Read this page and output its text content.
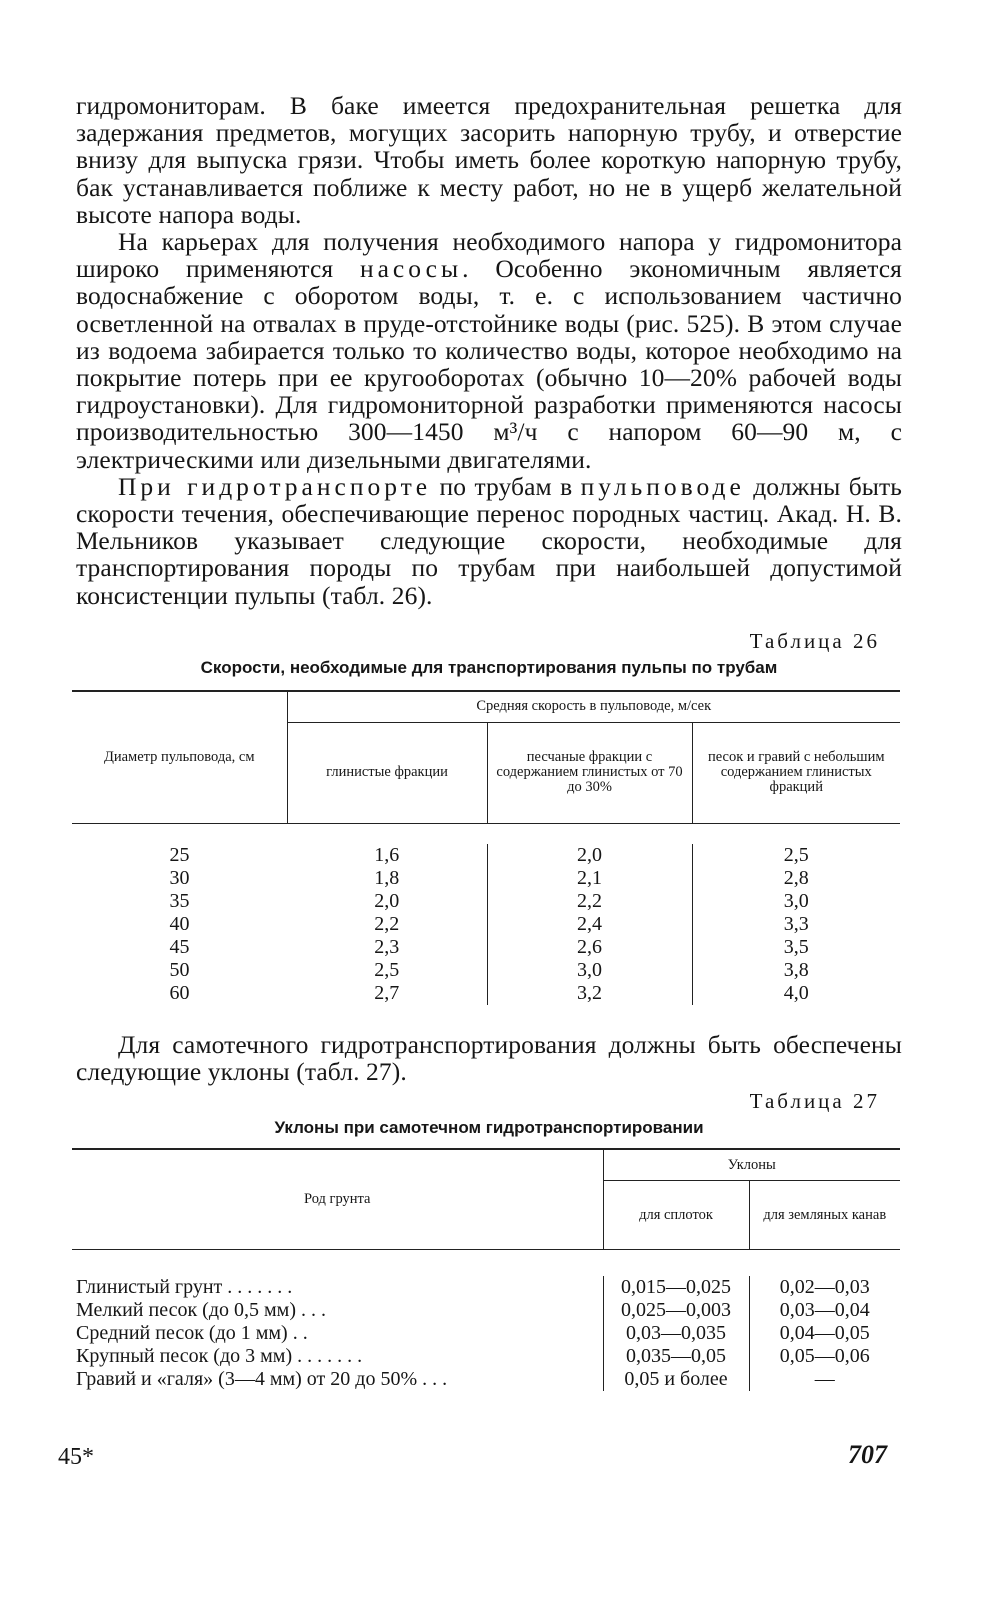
гидромониторам. В баке имеется предохранительная решетка для задержания предметов, могущих засорить напорную трубу, и отверстие внизу для выпуска грязи. Чтобы иметь более короткую напорную трубу, бак устанавливается поближе к месту работ, но не в ущерб желательной высоте напора воды.

На карьерах для получения необходимого напора у гидромонитора широко применяются насосы. Особенно экономичным является водоснабжение с оборотом воды, т. е. с использованием частично осветленной на отвалах в пруде-отстойнике воды (рис. 525). В этом случае из водоема забирается только то количество воды, которое необходимо на покрытие потерь при ее кругооборотах (обычно 10—20% рабочей воды гидроустановки). Для гидромониторной разработки применяются насосы производительностью 300—1450 м³/ч с напором 60—90 м, с электрическими или дизельными двигателями.

При гидротранспорте по трубам в пульповоде должны быть скорости течения, обеспечивающие перенос породных частиц. Акад. Н. В. Мельников указывает следующие скорости, необходимые для транспортирования породы по трубам при наибольшей допустимой консистенции пульпы (табл. 26).

Таблица 26
Скорости, необходимые для транспортирования пульпы по трубам
Диаметр пульповода, см	Средняя скорость в пульповоде, м/сек		
	глинистые фракции	песчаные фракции с содержанием глинистых от 70 до 30%	песок и гравий с небольшим содержанием глинистых фракций

25	1,6	2,0	2,5
30	1,8	2,1	2,8
35	2,0	2,2	3,0
40	2,2	2,4	3,3
45	2,3	2,6	3,5
50	2,5	3,0	3,8
60	2,7	3,2	4,0

Для самотечного гидротранспортирования должны быть обеспечены следующие уклоны (табл. 27).

Таблица 27
Уклоны при самотечном гидротранспортировании
Род грунта	Уклоны	
	для сплоток	для земляных канав

Глинистый грунт . . . . . . .	0,015—0,025	0,02—0,03
Мелкий песок (до 0,5 мм) . . .	0,025—0,003	0,03—0,04
Средний песок (до 1 мм) . .	0,03—0,035	0,04—0,05
Крупный песок (до 3 мм) . . . . . . .	0,035—0,05	0,05—0,06
Гравий и «галя» (3—4 мм) от 20 до 50% . . .	0,05 и более	—
45*	707
